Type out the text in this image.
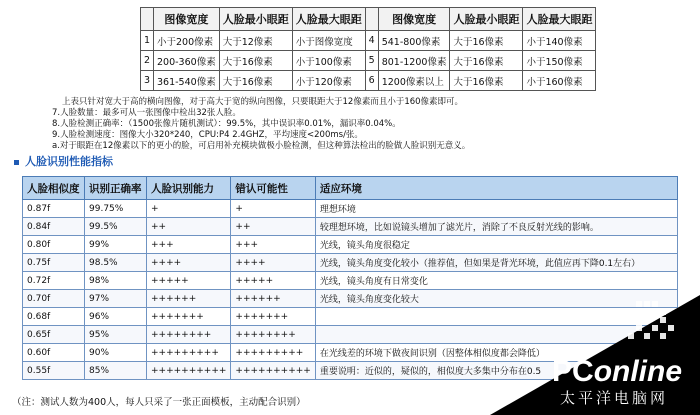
	图像宽度	人脸最小眼距	人脸最大眼距		图像宽度	人脸最小眼距	人脸最大眼距
1	小于200像素	大于12像素	小于图像宽度	4	541-800像素	大于16像素	小于140像素
2	200-360像素	大于16像素	小于100像素	5	801-1200像素	大于16像素	小于150像素
3	361-540像素	大于16像素	小于120像素	6	1200像素以上	大于16像素	小于160像素
上表只针对宽大于高的横向图像，对于高大于宽的纵向图像，只要眼距大于12像素而且小于160像素即可。
7.人脸数量：最多可从一张图像中检出32张人脸。
8.人脸检测正确率：（1500张像片随机测试）：99.5%，其中误识率0.01%，漏识率0.04%。
9.人脸检测速度：图像大小320*240，CPU:P4 2.4GHZ，平均速度<200ms/张。
a.对于眼距在12像素以下的更小的脸，可启用补充模块做极小脸检测，但这种算法检出的脸做人脸识别无意义。
人脸识别性能指标
人脸相似度	识别正确率	人脸识别能力	错认可能性	适应环境
0.87f	99.75%	+	+	理想环境
0.84f	99.5%	++	++	较理想环境，比如说镜头增加了滤光片，消除了不良反射光线的影响。
0.80f	99%	+++	+++	光线，镜头角度很稳定
0.75f	98.5%	++++	++++	光线，镜头角度变化较小（推荐值，但如果是背光环境，此值应再下降0.1左右）
0.72f	98%	+++++	+++++	光线，镜头角度有日常变化
0.70f	97%	++++++	++++++	光线，镜头角度变化较大
0.68f	96%	+++++++	+++++++	
0.65f	95%	++++++++	++++++++	
0.60f	90%	+++++++++	+++++++++	在光线差的环境下做夜间识别（因整体相似度都会降低）
0.55f	85%	++++++++++	++++++++++	重要说明：近似的，疑似的，相似度大多集中分布在0.5
（注：测试人数为400人，每人只采了一张正面模板，主动配合识别）
PConline
太平洋电脑网
